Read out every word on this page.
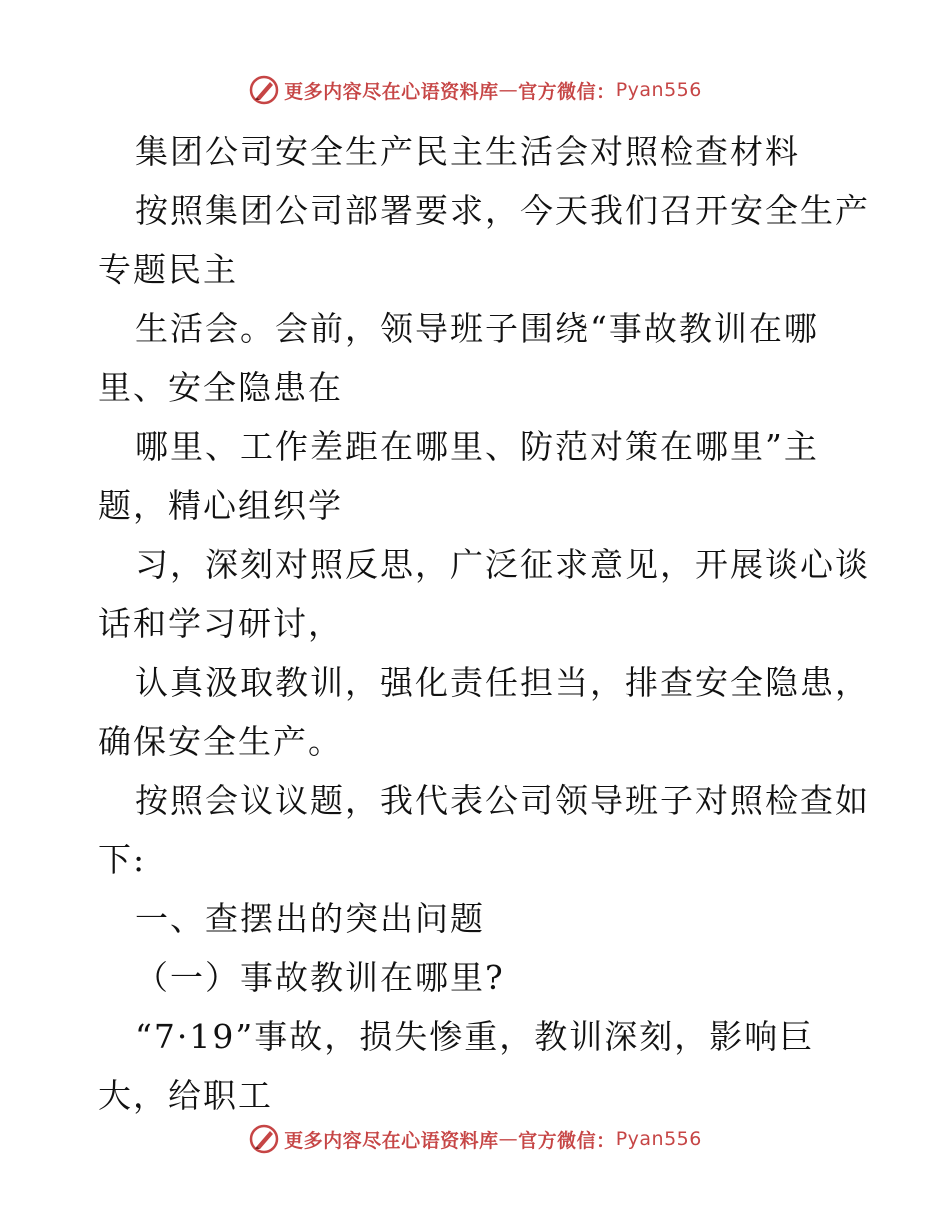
更多内容尽在心语资料库 — 官方微信： Pyan556
集团公司安全生产民主生活会对照检查材料
按照集团公司部署要求，今天我们召开安全生产
专题民主
生活会。会前，领导班子围绕“事故教训在哪
里、安全隐患在
哪里、工作差距在哪里、防范对策在哪里”主
题，精心组织学
习，深刻对照反思，广泛征求意见，开展谈心谈
话和学习研讨，
认真汲取教训，强化责任担当，排查安全隐患，
确保安全生产。
按照会议议题，我代表公司领导班子对照检查如
下:
一、查摆出的突出问题
（一）事故教训在哪里?
“7·19”事故，损失惨重，教训深刻，影响巨
大，给职工
更多内容尽在心语资料库 — 官方微信： Pyan556
